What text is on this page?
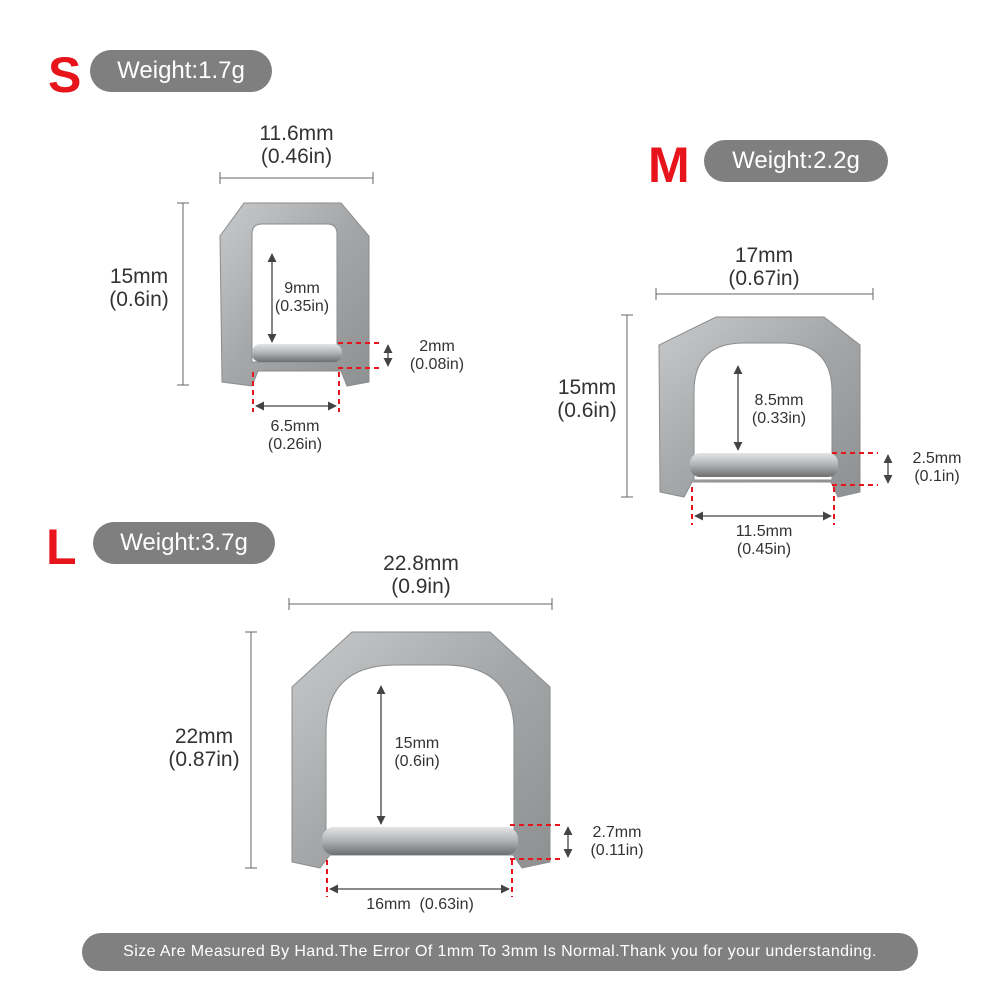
S	Weight:1.7g
11.6mm
(0.46in)
15mm
(0.6in)	9mm
(0.35in)
2mm
(0.08in)
6.5mm
(0.26in)
M	Weight:2.2g
17mm
(0.67in)
15mm
(0.6in)	8.5mm
(0.33in)
2.5mm
(0.1in)
11.5mm
(0.45in)
L	Weight:3.7g
22.8mm
(0.9in)
22mm
(0.87in)
15mm
(0.6in)
2.7mm
(0.11in)
16mm  (0.63in)
Size Are Measured By Hand.The Error Of 1mm To 3mm Is Normal.Thank you for your understanding.
